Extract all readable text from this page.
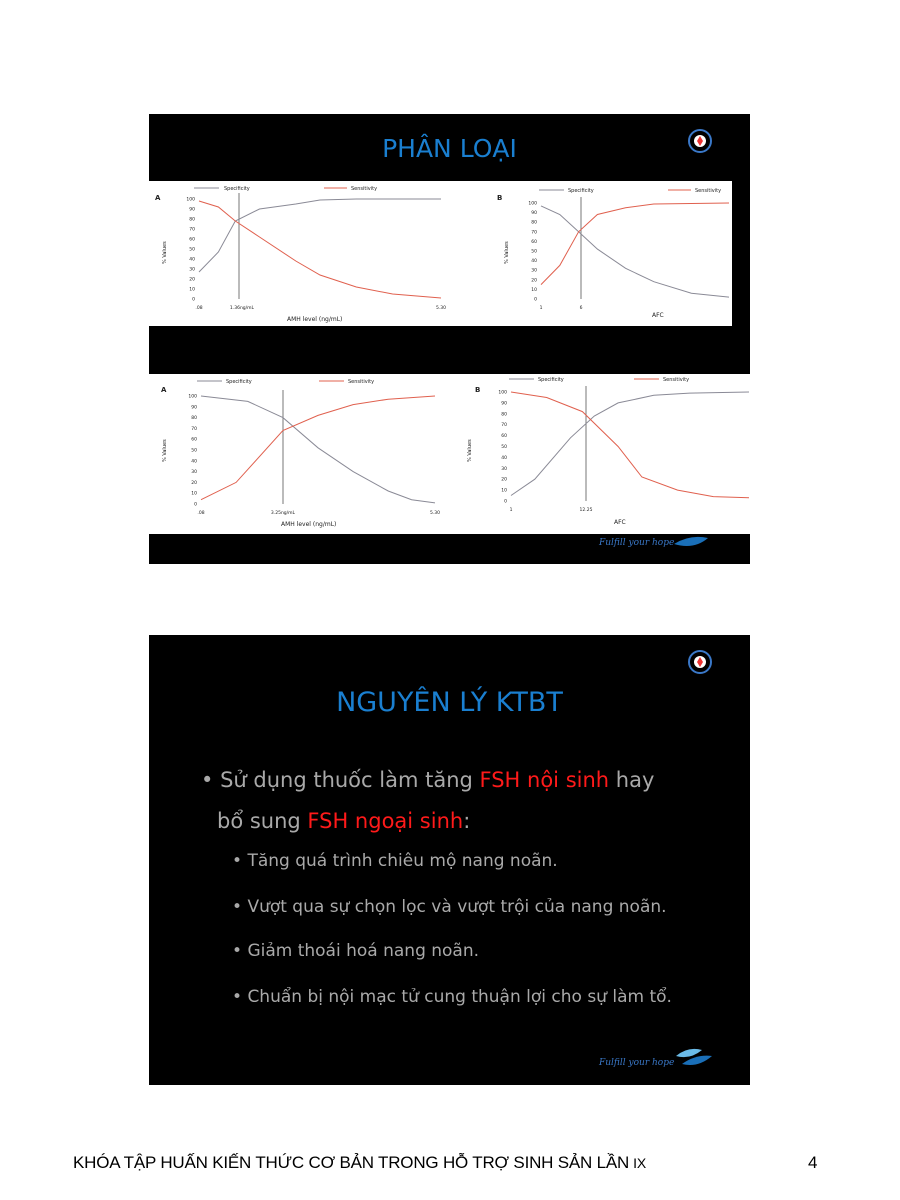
PHÂN LOẠI
A
Specificity	Sensitivity
% Values
AMH level (ng/mL)
100
90
80
70
60
50
40
30
20
10
0
.08	1.36ng/mL	5.30
B
Specificity	Sensitivity
% Values
AFC
100
90
80
70
60
50
40
30
20
10
0
1	6
A
Specificity	Sensitivity
% Values
AMH level (ng/mL)
100
90
80
70
60
50
40
30
20
10
0
.08	3.25ng/mL	5.30
B
Specificity	Sensitivity
% Values
AFC
100
90
80
70
60
50
40
30
20
10
0
1	12.25
Fulfill your hope
NGUYÊN LÝ KTBT
• Sử dụng thuốc làm tăng FSH nội sinh hay
bổ sung FSH ngoại sinh:
• Tăng quá trình chiêu mộ nang noãn.
• Vượt qua sự chọn lọc và vượt trội của nang noãn.
• Giảm thoái hoá nang noãn.
• Chuẩn bị nội mạc tử cung thuận lợi cho sự làm tổ.
Fulfill your hope
KHÓA TẬP HUẤN KIẾN THỨC CƠ BẢN TRONG HỖ TRỢ SINH SẢN LẦN IX	4
